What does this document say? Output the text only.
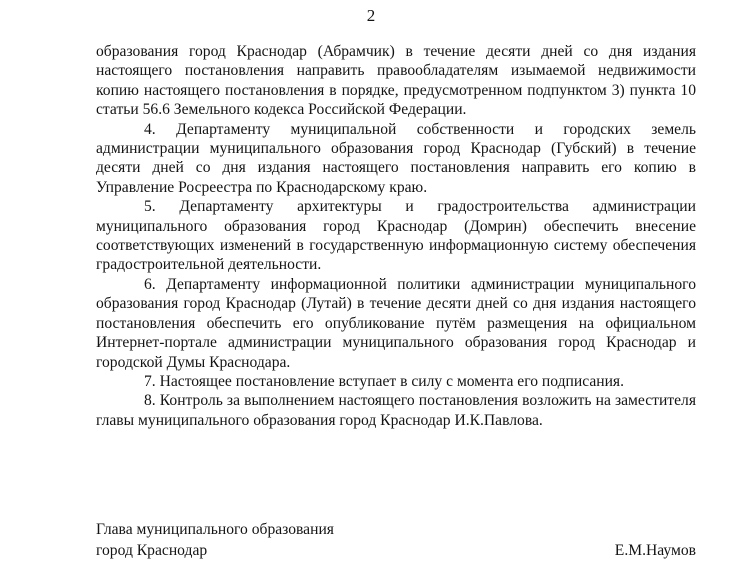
2

образования город Краснодар (Абрамчик) в течение десяти дней со дня издания настоящего постановления направить правообладателям изымаемой недвижимости копию настоящего постановления в порядке, предусмотренном подпунктом 3) пункта 10 статьи 56.6 Земельного кодекса Российской Федерации.

4. Департаменту муниципальной собственности и городских земель администрации муниципального образования город Краснодар (Губский) в течение десяти дней со дня издания настоящего постановления направить его копию в Управление Росреестра по Краснодарскому краю.

5. Департаменту архитектуры и градостроительства администрации муниципального образования город Краснодар (Домрин) обеспечить внесение соответствующих изменений в государственную информационную систему обеспечения градостроительной деятельности.

6. Департаменту информационной политики администрации муниципального образования город Краснодар (Лутай) в течение десяти дней со дня издания настоящего постановления обеспечить его опубликование путём размещения на официальном Интернет-портале администрации муниципального образования город Краснодар и городской Думы Краснодара.

7. Настоящее постановление вступает в силу с момента его подписания.

8. Контроль за выполнением настоящего постановления возложить на заместителя главы муниципального образования город Краснодар И.К.Павлова.

Глава муниципального образования
город Краснодар	Е.М.Наумов
